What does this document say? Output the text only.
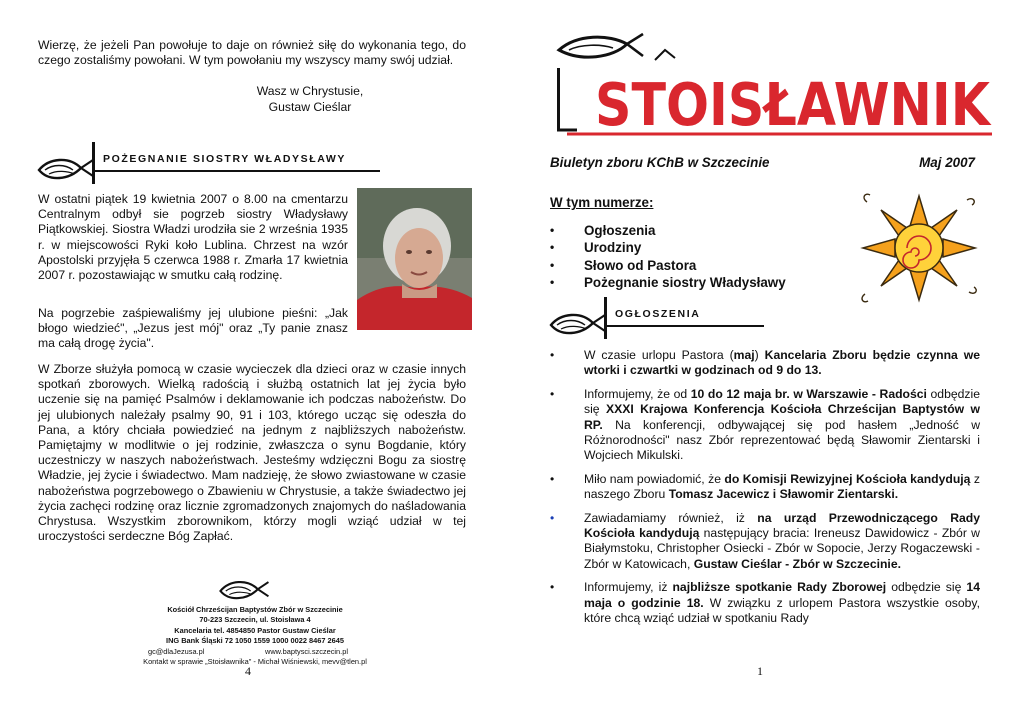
Wierzę, że jeżeli Pan powołuje to daje on również siłę do wykonania tego, do czego zostaliśmy powołani. W tym powołaniu my wszyscy mamy swój udział.

Wasz w Chrystusie,

Gustaw Cieślar

POŻEGNANIE SIOSTRY WŁADYSŁAWY

W ostatni piątek 19 kwietnia 2007 o 8.00 na cmentarzu Centralnym odbył sie pogrzeb siostry Władysławy Piątkowskiej. Siostra Władzi urodziła sie 2 września 1935 r. w miejscowości Ryki koło Lublina. Chrzest na wzór Apostolski przyjęła 5 czerwca 1988 r. Zmarła 17 kwietnia 2007 r. pozostawiając w smutku całą rodzinę.

Na pogrzebie zaśpiewaliśmy jej ulubione pieśni: „Jak błogo wiedzieć", „Jezus jest mój" oraz „Ty panie znasz ma całą drogę życia".

W Zborze służyła pomocą w czasie wycieczek dla dzieci oraz w czasie innych spotkań zborowych. Wielką radością i służbą ostatnich lat jej życia było uczenie się na pamięć Psalmów i deklamowanie ich podczas nabożeństw. Do jej ulubionych należały psalmy 90, 91 i 103, którego ucząc się odeszła do Pana, a który chciała powiedzieć na jednym z najbliższych nabożeństw. Pamiętajmy w modlitwie o jej rodzinie, zwłaszcza o synu Bogdanie, który uczestniczy w naszych nabożeństwach. Jesteśmy wdzięczni Bogu za siostrę Władzie, jej życie i świadectwo. Mam nadzieję, że słowo zwiastowane w czasie nabożeństwa pogrzebowego o Zbawieniu w Chrystusie, a także świadectwo jej życia zachęci rodzinę oraz licznie zgromadzonych znajomych do naśladowania Chrystusa. Wszystkim zborownikom, którzy mogli wziąć udział w tej uroczystości serdeczne Bóg Zapłać.

Kościół Chrześcijan Baptystów Zbór w Szczecinie
70-223 Szczecin, ul. Stoisława 4
Kancelaria tel. 4854850 Pastor Gustaw Cieślar
ING Bank Śląski 72 1050 1559 1000 0022 8467 2645
gc@dlaJezusa.pl	www.baptysci.szczecin.pl
Kontakt w sprawie „Stoisławnika" - Michał Wiśniewski, mevv@tlen.pl
4
STOISŁAWNIK
Biuletyn zboru KChB w Szczecinie	Maj 2007
W tym numerze:
• Ogłoszenia
• Urodziny
• Słowo od Pastora
• Pożegnanie siostry Władysławy
OGŁOSZENIA
• W czasie urlopu Pastora (maj) Kancelaria Zboru będzie czynna we wtorki i czwartki w godzinach od 9 do 13.
• Informujemy, że od 10 do 12 maja br. w Warszawie - Radości odbędzie się XXXI Krajowa Konferencja Kościoła Chrześcijan Baptystów w RP. Na konferencji, odbywającej się pod hasłem „Jedność w Różnorodności" nasz Zbór reprezentować będą Sławomir Zientarski i Wojciech Mikulski.
• Miło nam powiadomić, że do Komisji Rewizyjnej Kościoła kandydują z naszego Zboru Tomasz Jacewicz i Sławomir Zientarski.
• Zawiadamiamy również, iż na urząd Przewodniczącego Rady Kościoła kandydują następujący bracia: Ireneusz Dawidowicz - Zbór w Białymstoku, Christopher Osiecki - Zbór w Sopocie, Jerzy Rogaczewski - Zbór w Katowicach, Gustaw Cieślar - Zbór w Szczecinie.
• Informujemy, iż najbliższe spotkanie Rady Zborowej odbędzie się 14 maja o godzinie 18. W związku z urlopem Pastora wszystkie osoby, które chcą wziąć udział w spotkaniu Rady
1
